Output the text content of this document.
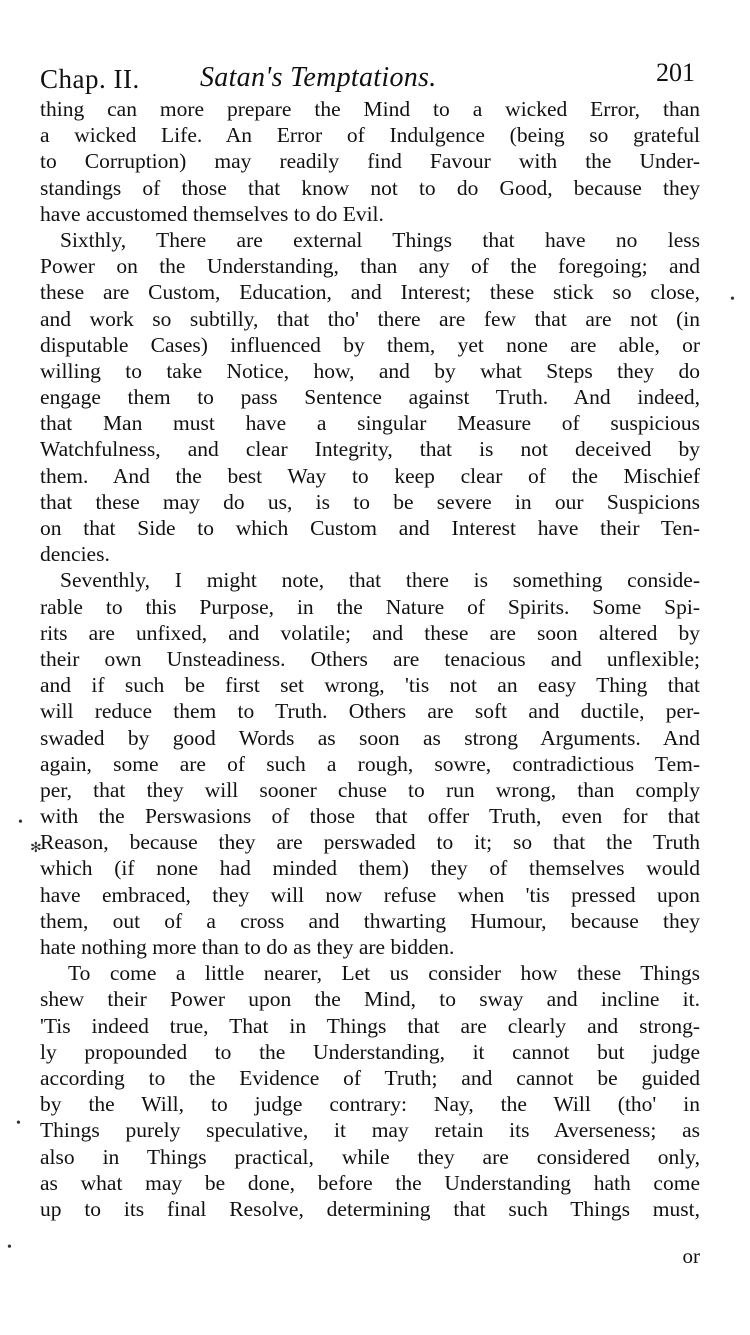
Chap. II. Satan's Temptations.	201
thing can more prepare the Mind to a wicked Error, than
a wicked Life. An Error of Indulgence (being so grateful
to Corruption) may readily find Favour with the Under-
standings of those that know not to do Good, because they
have accustomed themselves to do Evil.
Sixthly, There are external Things that have no less
Power on the Understanding, than any of the foregoing; and
these are Custom, Education, and Interest; these stick so close,
and work so subtilly, that tho' there are few that are not (in
disputable Cases) influenced by them, yet none are able, or
willing to take Notice, how, and by what Steps they do
engage them to pass Sentence against Truth. And indeed,
that Man must have a singular Measure of suspicious
Watchfulness, and clear Integrity, that is not deceived by
them. And the best Way to keep clear of the Mischief
that these may do us, is to be severe in our Suspicions
on that Side to which Custom and Interest have their Ten-
dencies.
Seventhly, I might note, that there is something conside-
rable to this Purpose, in the Nature of Spirits. Some Spi-
rits are unfixed, and volatile; and these are soon altered by
their own Unsteadiness. Others are tenacious and unflexible;
and if such be first set wrong, 'tis not an easy Thing that
will reduce them to Truth. Others are soft and ductile, per-
swaded by good Words as soon as strong Arguments. And
again, some are of such a rough, sowre, contradictious Tem-
per, that they will sooner chuse to run wrong, than comply
with the Perswasions of those that offer Truth, even for that
Reason, because they are perswaded to it; so that the Truth
which (if none had minded them) they of themselves would
have embraced, they will now refuse when 'tis pressed upon
them, out of a cross and thwarting Humour, because they
hate nothing more than to do as they are bidden.
To come a little nearer, Let us consider how these Things
shew their Power upon the Mind, to sway and incline it.
'Tis indeed true, That in Things that are clearly and strong-
ly propounded to the Understanding, it cannot but judge
according to the Evidence of Truth; and cannot be guided
by the Will, to judge contrary: Nay, the Will (tho' in
Things purely speculative, it may retain its Averseness; as
also in Things practical, while they are considered only,
as what may be done, before the Understanding hath come
up to its final Resolve, determining that such Things must,
or
•
•
✻
•
•
